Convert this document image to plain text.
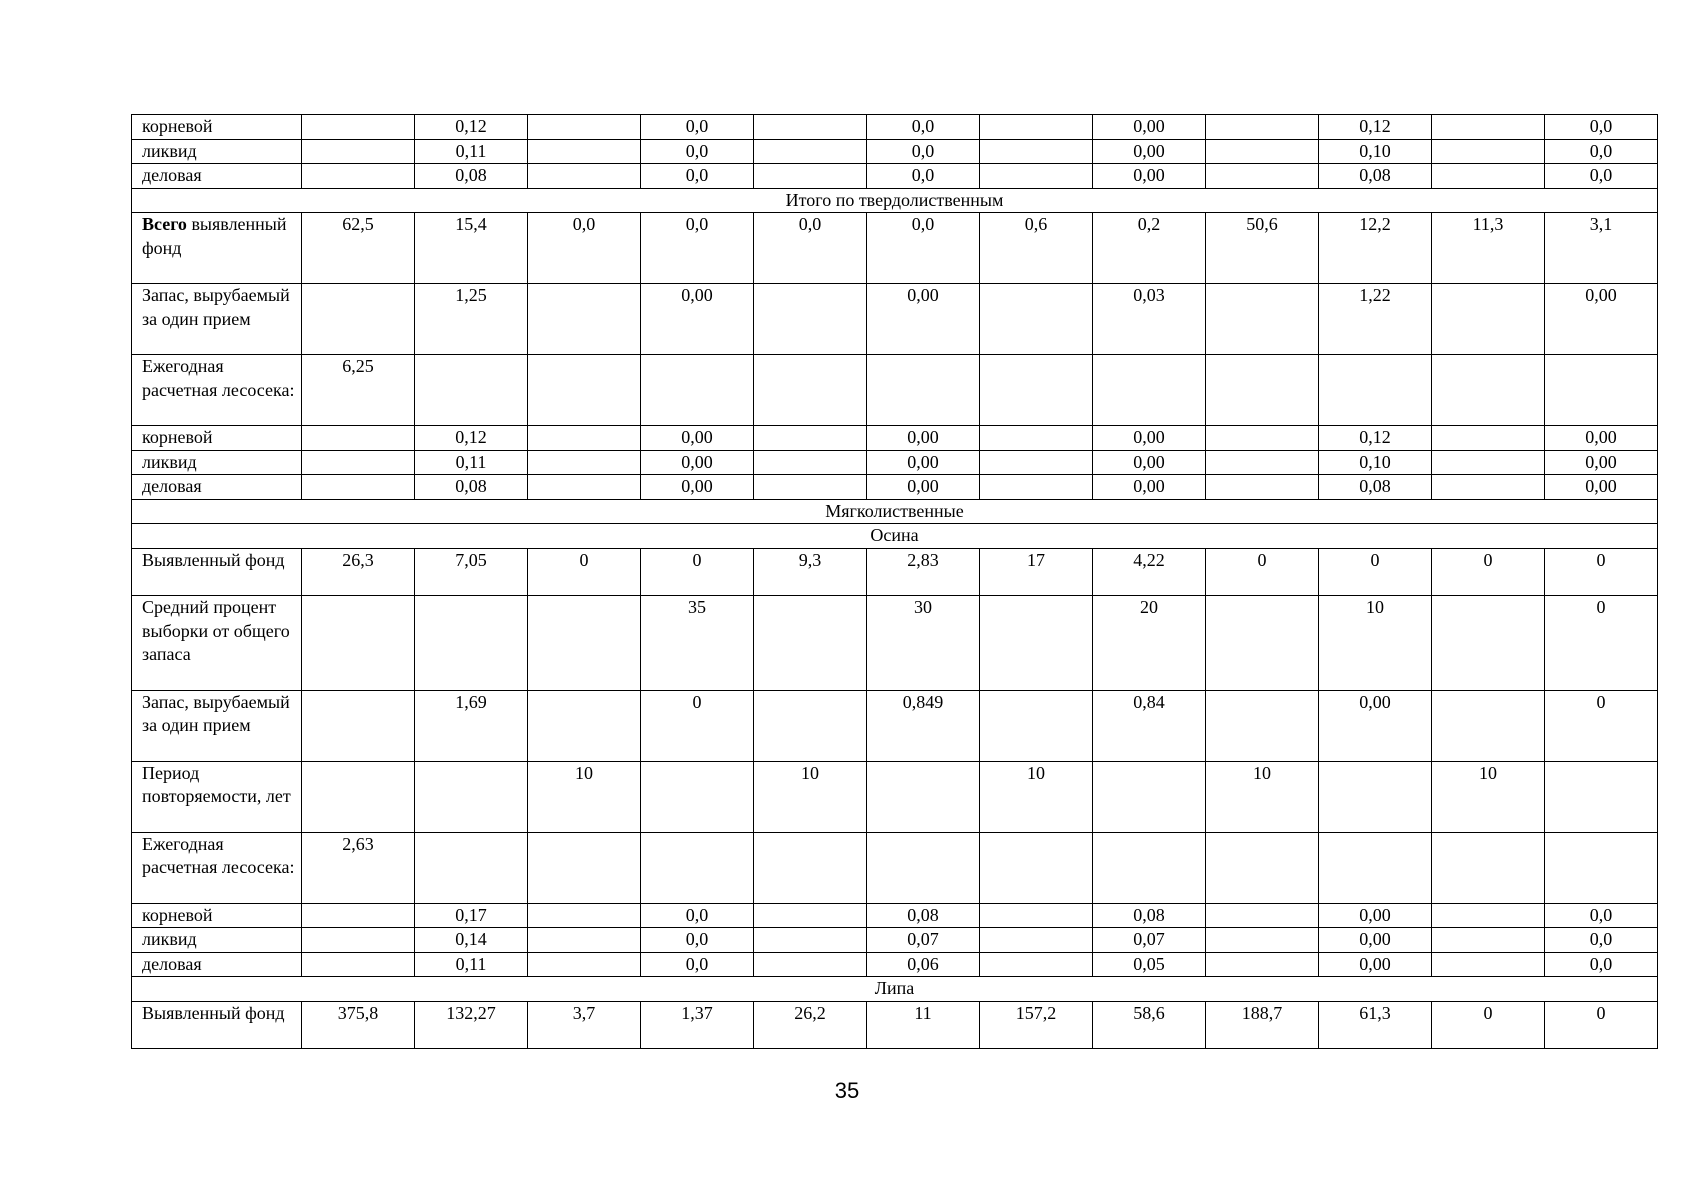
корневой		0,12		0,0		0,0		0,00		0,12		0,0
ликвид		0,11		0,0		0,0		0,00		0,10		0,0
деловая		0,08		0,0		0,0		0,00		0,08		0,0
Итого по твердолиственным												
Всего выявленный фонд	62,5	15,4	0,0	0,0	0,0	0,0	0,6	0,2	50,6	12,2	11,3	3,1
Запас, вырубаемый за один прием		1,25		0,00		0,00		0,03		1,22		0,00
Ежегодная расчетная лесосека:	6,25											
корневой		0,12		0,00		0,00		0,00		0,12		0,00
ликвид		0,11		0,00		0,00		0,00		0,10		0,00
деловая		0,08		0,00		0,00		0,00		0,08		0,00
Мягколиственные												
Осина												
Выявленный фонд	26,3	7,05	0	0	9,3	2,83	17	4,22	0	0	0	0
Средний процент выборки от общего запаса				35		30		20		10		0
Запас, вырубаемый за один прием		1,69		0		0,849		0,84		0,00		0
Период повторяемости, лет			10		10		10		10		10	
Ежегодная расчетная лесосека:	2,63											
корневой		0,17		0,0		0,08		0,08		0,00		0,0
ликвид		0,14		0,0		0,07		0,07		0,00		0,0
деловая		0,11		0,0		0,06		0,05		0,00		0,0
Липа												
Выявленный фонд	375,8	132,27	3,7	1,37	26,2	11	157,2	58,6	188,7	61,3	0	0
35
